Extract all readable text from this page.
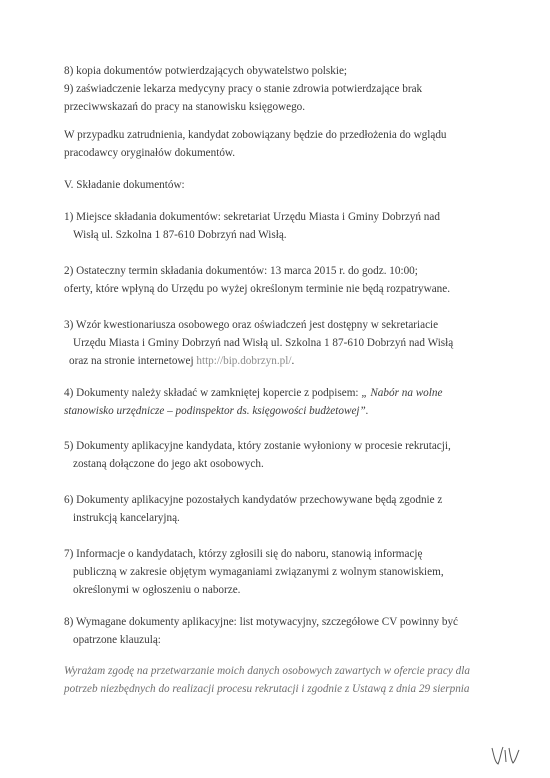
8) kopia dokumentów potwierdzających obywatelstwo polskie;

9) zaświadczenie lekarza medycyny pracy o stanie zdrowia potwierdzające brak
przeciwwskazań do pracy na stanowisku księgowego.

W przypadku zatrudnienia, kandydat zobowiązany będzie do przedłożenia do wglądu
pracodawcy oryginałów dokumentów.

V. Składanie dokumentów:

1) Miejsce składania dokumentów: sekretariat Urzędu Miasta i Gminy Dobrzyń nad
Wisłą ul. Szkolna 1 87-610 Dobrzyń nad Wisłą.

2) Ostateczny termin składania dokumentów: 13 marca 2015 r. do godz. 10:00;
oferty, które wpłyną do Urzędu po wyżej określonym terminie nie będą rozpatrywane.

3) Wzór kwestionariusza osobowego oraz oświadczeń jest dostępny w sekretariacie
Urzędu Miasta i Gminy Dobrzyń nad Wisłą ul. Szkolna 1 87-610 Dobrzyń nad Wisłą
oraz na stronie internetowej http://bip.dobrzyn.pl/.

4) Dokumenty należy składać w zamkniętej kopercie z podpisem: „ Nabór na wolne
stanowisko urzędnicze – podinspektor ds. księgowości budżetowej”.

5) Dokumenty aplikacyjne kandydata, który zostanie wyłoniony w procesie rekrutacji,
zostaną dołączone do jego akt osobowych.

6) Dokumenty aplikacyjne pozostałych kandydatów przechowywane będą zgodnie z
instrukcją kancelaryjną.

7) Informacje o kandydatach, którzy zgłosili się do naboru, stanowią informację
publiczną w zakresie objętym wymaganiami związanymi z wolnym stanowiskiem,
określonymi w ogłoszeniu o naborze.

8) Wymagane dokumenty aplikacyjne: list motywacyjny, szczegółowe CV powinny być
opatrzone klauzulą:

Wyrażam zgodę na przetwarzanie moich danych osobowych zawartych w ofercie pracy dla
potrzeb niezbędnych do realizacji procesu rekrutacji i zgodnie z Ustawą z dnia 29 sierpnia
